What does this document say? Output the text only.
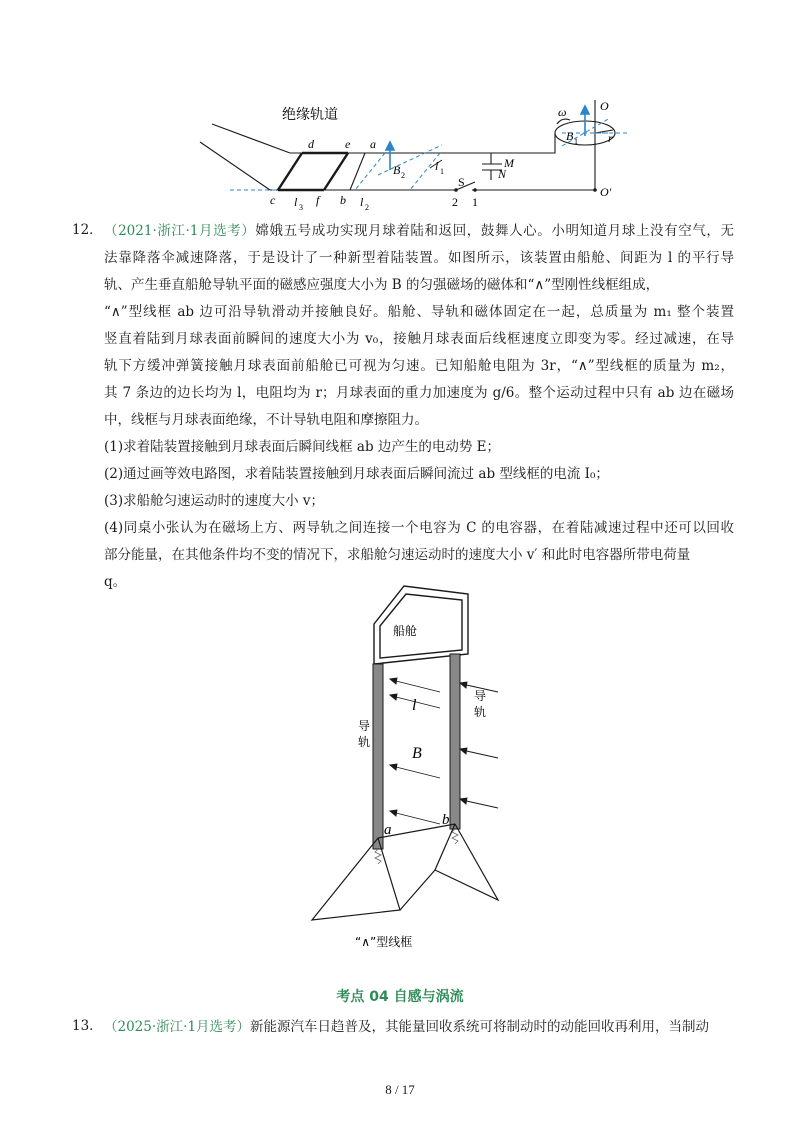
绝缘轨道
d	e a
B 2
l 1
M
N
S
2 1
c l 3
f b l 2
ω	O
B 1	r
O'
12． （2021·浙江·1月选考）嫦娥五号成功实现月球着陆和返回，鼓舞人心。小明知道月球上没有空气，无
法靠降落伞减速降落，于是设计了一种新型着陆装置。如图所示，该装置由船舱、间距为 l 的平行导
轨、产生垂直船舱导轨平面的磁感应强度大小为 B 的匀强磁场的磁体和“∧”型刚性线框组成，
“∧”型线框 ab 边可沿导轨滑动并接触良好。船舱、导轨和磁体固定在一起，总质量为 m₁ 整个装置
竖直着陆到月球表面前瞬间的速度大小为 v₀，接触月球表面后线框速度立即变为零。经过减速，在导
轨下方缓冲弹簧接触月球表面前船舱已可视为匀速。已知船舱电阻为 3r，“∧”型线框的质量为 m₂，
其 7 条边的边长均为 l，电阻均为 r；月球表面的重力加速度为 g/6。整个运动过程中只有 ab 边在磁场
中，线框与月球表面绝缘，不计导轨电阻和摩擦阻力。
(1)求着陆装置接触到月球表面后瞬间线框 ab 边产生的电动势 E；
(2)通过画等效电路图，求着陆装置接触到月球表面后瞬间流过 ab 型线框的电流 I₀；
(3)求船舱匀速运动时的速度大小 v；
(4)同桌小张认为在磁场上方、两导轨之间连接一个电容为 C 的电容器，在着陆减速过程中还可以回收
部分能量，在其他条件均不变的情况下，求船舱匀速运动时的速度大小 v′ 和此时电容器所带电荷量
q。
船舱
导
轨
导
轨
l
B
a
b
“∧”型线框
考点 04 自感与涡流
13． （2025·浙江·1月选考）新能源汽车日趋普及，其能量回收系统可将制动时的动能回收再利用，当制动
8 / 17
